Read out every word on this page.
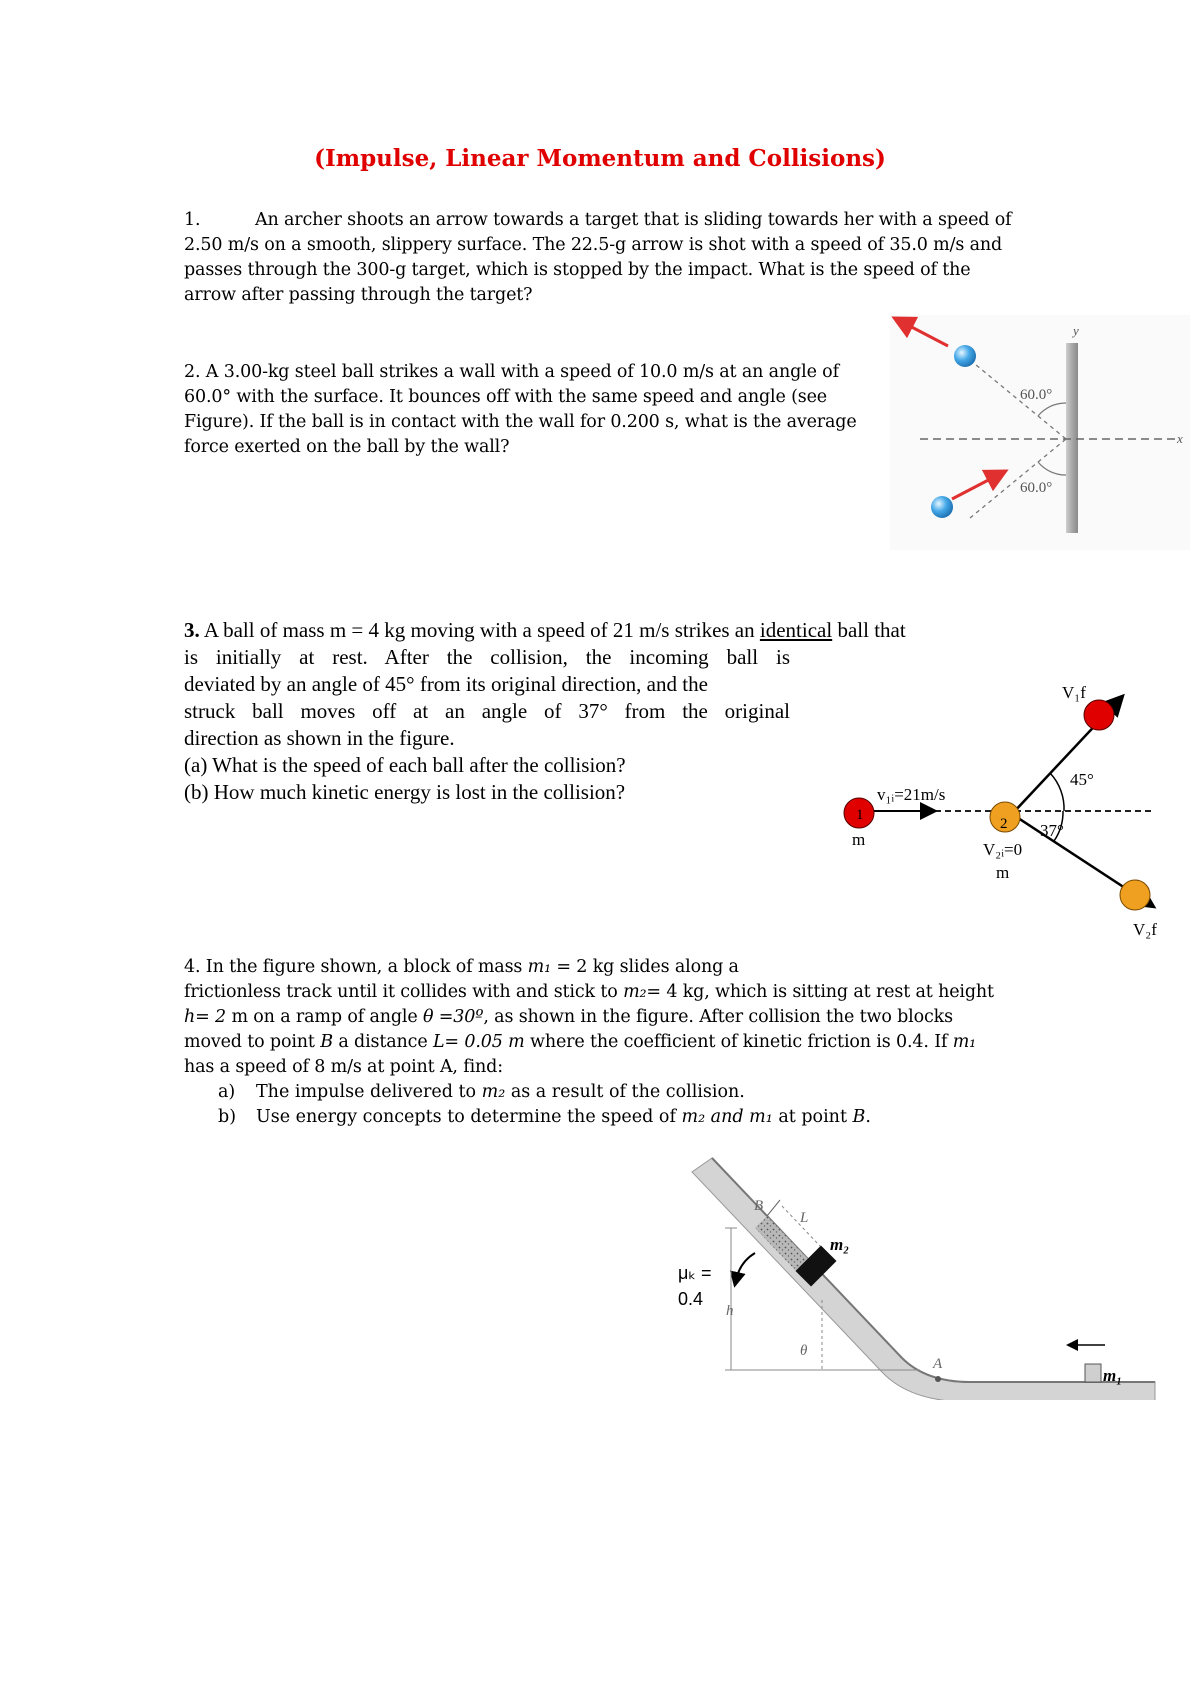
(Impulse, Linear Momentum and Collisions)
1.	An archer shoots an arrow towards a target that is sliding towards her with a speed of
2.50 m/s on a smooth, slippery surface. The 22.5-g arrow is shot with a speed of 35.0 m/s and
passes through the 300-g target, which is stopped by the impact. What is the speed of the
arrow after passing through the target?
2. A 3.00-kg steel ball strikes a wall with a speed of 10.0 m/s at an angle of
60.0° with the surface. It bounces off with the same speed and angle (see
Figure). If the ball is in contact with the wall for 0.200 s, what is the average
force exerted on the ball by the wall?
y
x
60.0°
60.0°
3. A ball of mass m = 4 kg moving with a speed of 21 m/s strikes an identical ball that
is initially at rest. After the collision, the incoming ball is
deviated by an angle of 45° from its original direction, and the
struck ball moves off at an angle of 37° from the original
direction as shown in the figure.
(a) What is the speed of each ball after the collision?
(b) How much kinetic energy is lost in the collision?
1
m
v₁ᵢ=21m/s
45°
37°
2
V₂ᵢ=0
m
V₁f
V₂f
4. In the figure shown, a block of mass m₁ = 2 kg slides along a
frictionless track until it collides with and stick to m₂= 4 kg, which is sitting at rest at height
h= 2 m on a ramp of angle θ =30º, as shown in the figure. After collision the two blocks
moved to point B a distance L= 0.05 m where the coefficient of kinetic friction is 0.4. If m₁
has a speed of 8 m/s at point A, find:
a) The impulse delivered to m₂ as a result of the collision.
b) Use energy concepts to determine the speed of m₂ and m₁ at point B.
B
L
m₂
h
θ
A
m₁
μₖ =
0.4
